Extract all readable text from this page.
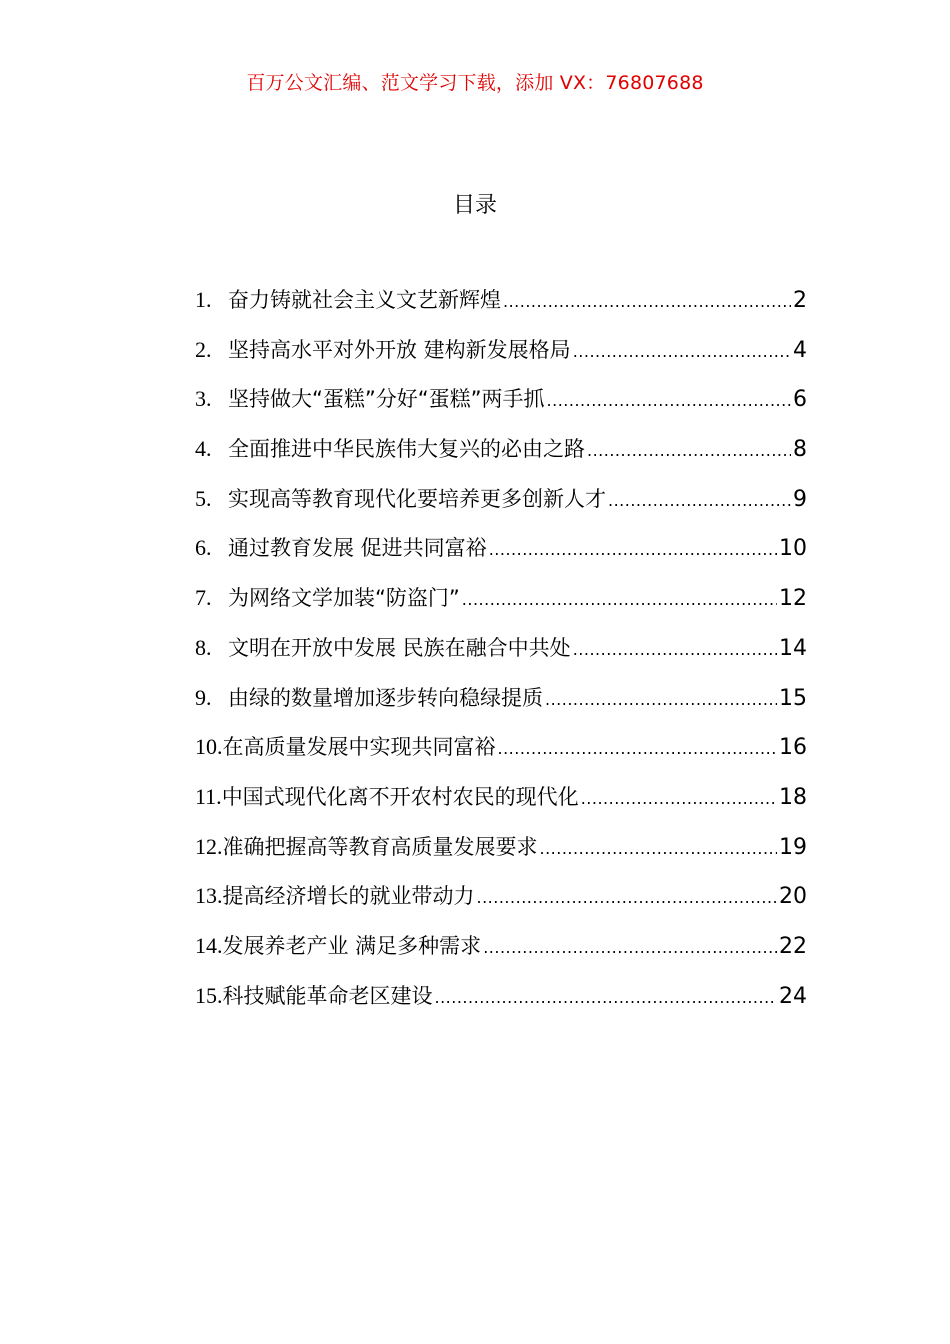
百万公文汇编、范文学习下载，添加 VX：76807688
目录
1. 奋力铸就社会主义文艺新辉煌 .....	2
2. 坚持高水平对外开放 建构新发展格局 .....	4
3. 坚持做大“蛋糕”分好“蛋糕”两手抓 .....	6
4. 全面推进中华民族伟大复兴的必由之路 .....	8
5. 实现高等教育现代化要培养更多创新人才 .....	9
6. 通过教育发展 促进共同富裕 .....	10
7. 为网络文学加装“防盗门” .....	12
8. 文明在开放中发展 民族在融合中共处 .....	14
9. 由绿的数量增加逐步转向稳绿提质 .....	15
10. 在高质量发展中实现共同富裕 .....	16
11. 中国式现代化离不开农村农民的现代化 .....	18
12. 准确把握高等教育高质量发展要求 .....	19
13. 提高经济增长的就业带动力 .....	20
14. 发展养老产业 满足多种需求 .....	22
15. 科技赋能革命老区建设 .....	24
